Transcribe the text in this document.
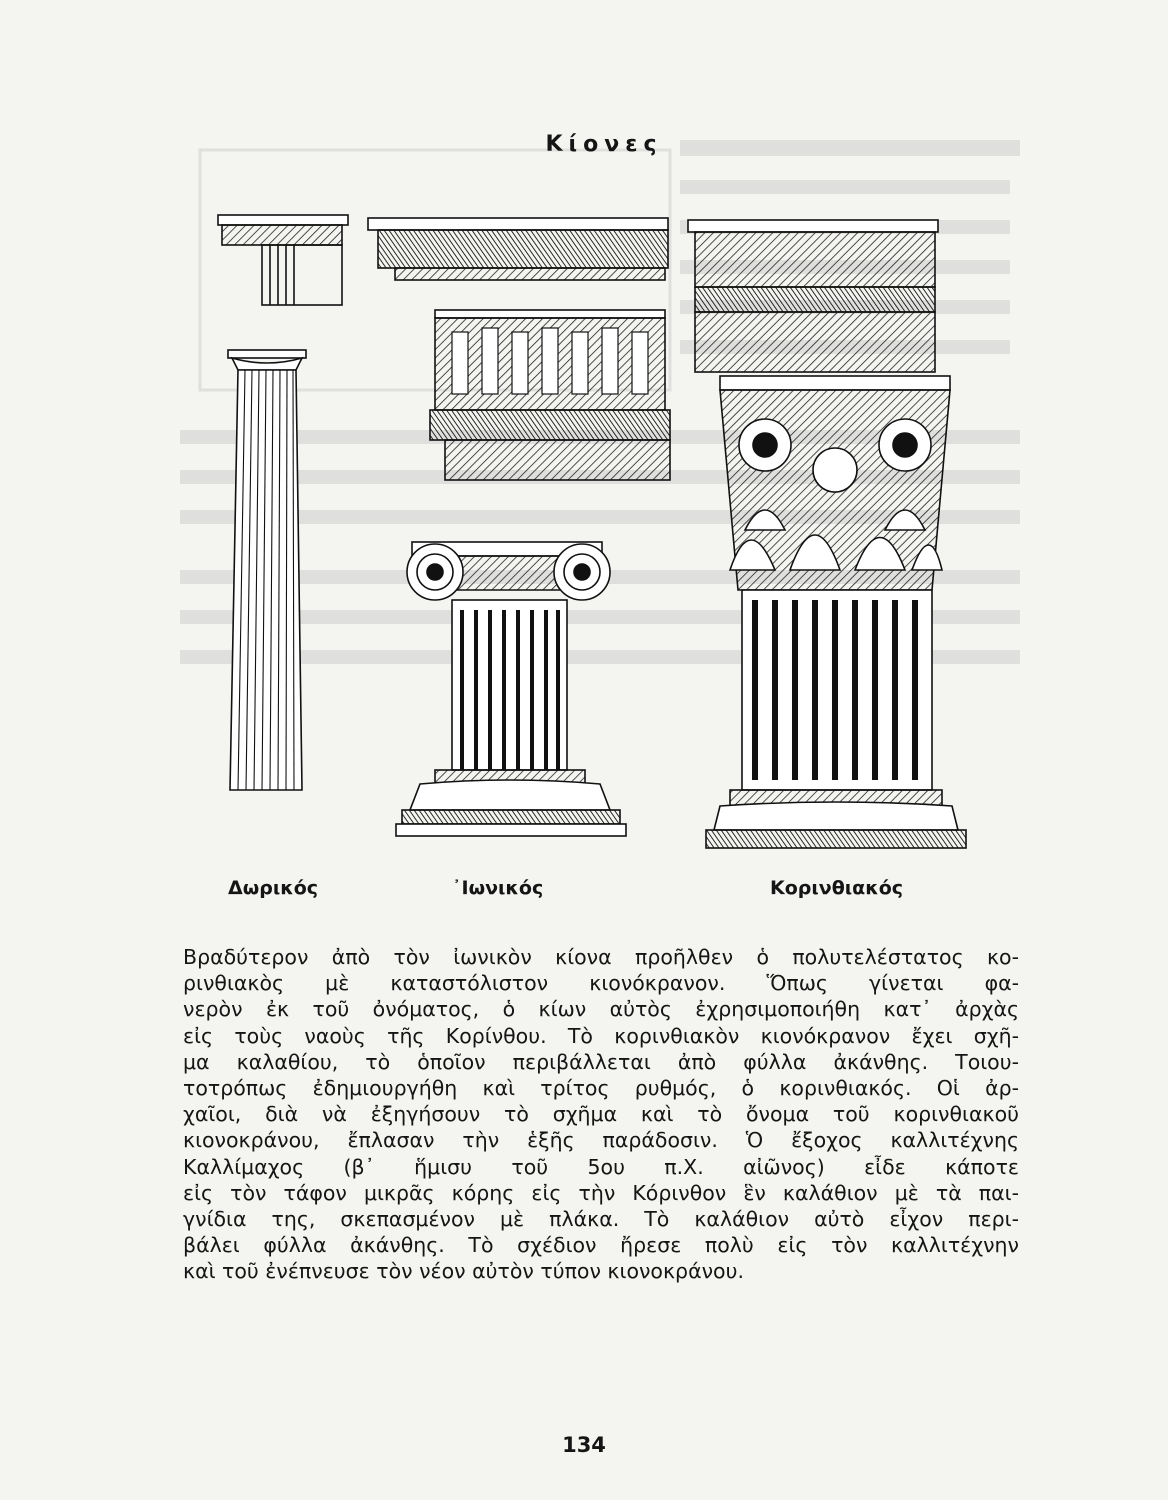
Κίονες
Δωρικός	᾿Ιωνικός	Κορινθιακός

Βραδύτερον ἀπὸ τὸν ἰωνικὸν κίονα προῆλθεν ὁ πολυτελέστατος κο-
ρινθιακὸς μὲ καταστόλιστον κιονόκρανον. Ὅπως γίνεται φα-
νερὸν ἐκ τοῦ ὀνόματος, ὁ κίων αὐτὸς ἐχρησιμοποιήθη κατ᾿ ἀρχὰς
εἰς τοὺς ναοὺς τῆς Κορίνθου. Τὸ κορινθιακὸν κιονόκρανον ἔχει σχῆ-
μα καλαθίου, τὸ ὁποῖον περιβάλλεται ἀπὸ φύλλα ἀκάνθης. Τοιου-
τοτρόπως ἐδημιουργήθη καὶ τρίτος ρυθμός, ὁ κορινθιακός. Οἱ ἀρ-
χαῖοι, διὰ νὰ ἐξηγήσουν τὸ σχῆμα καὶ τὸ ὄνομα τοῦ κορινθιακοῦ
κιονοκράνου, ἔπλασαν τὴν ἑξῆς παράδοσιν. Ὁ ἔξοχος καλλιτέχνης
Καλλίμαχος (β᾿ ἥμισυ τοῦ 5ου π.Χ. αἰῶνος) εἶδε κάποτε
εἰς τὸν τάφον μικρᾶς κόρης εἰς τὴν Κόρινθον ἓν καλάθιον μὲ τὰ παι-
γνίδια της, σκεπασμένον μὲ πλάκα. Τὸ καλάθιον αὐτὸ εἶχον περι-
βάλει φύλλα ἀκάνθης. Τὸ σχέδιον ἤρεσε πολὺ εἰς τὸν καλλιτέχνην
καὶ τοῦ ἐνέπνευσε τὸν νέον αὐτὸν τύπον κιονοκράνου.

134
